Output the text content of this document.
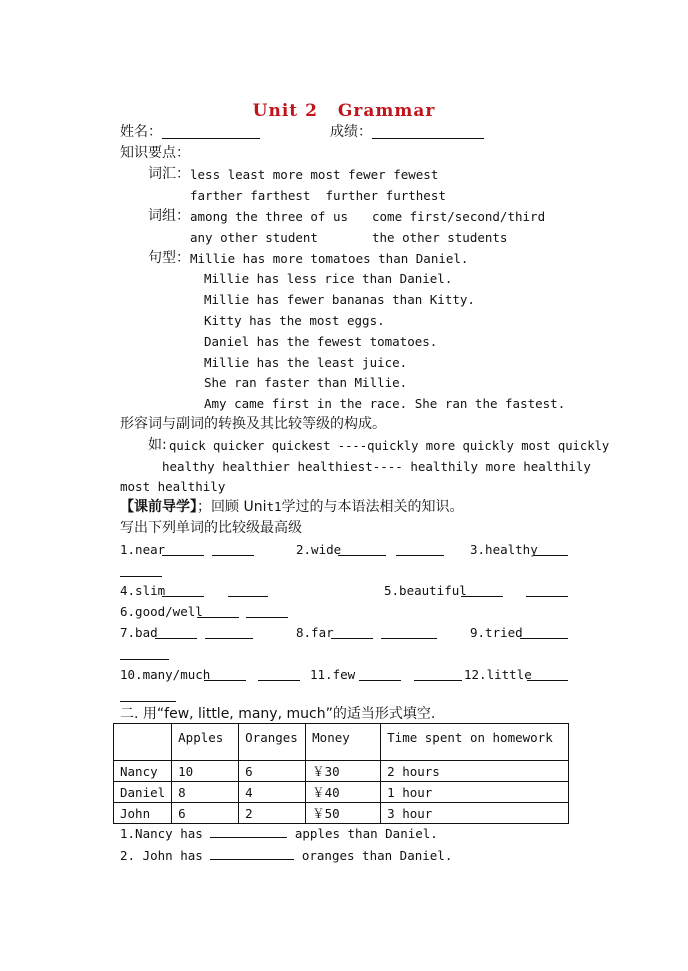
Unit 2 Grammar
姓名：	成绩：
知识要点：
词汇： less least more most fewer fewest
farther farthest  further furthest
词组： among the three of us come first/second/third
any other student	the other students
句型： Millie has more tomatoes than Daniel.
Millie has less rice than Daniel.
Millie has fewer bananas than Kitty.
Kitty has the most eggs.
Daniel has the fewest tomatoes.
Millie has the least juice.
She ran faster than Millie.
Amy came first in the race. She ran the fastest.
形容词与副词的转换及其比较等级的构成。
如: quick quicker quickest ----quickly more quickly most quickly
healthy healthier healthiest---- healthily more healthily
most healthily
【课前导学】；回顾 Unit1学过的与本语法相关的知识。
写出下列单词的比较级最高级
1.near	2.wide	3.healthy
4.slim	5.beautiful
6.good/well
7.bad	8.far	9.tried
10.many/much	11.few	12.little
二. 用“few, little, many, much”的适当形式填空.
	Apples	Oranges	Money	Time spent on homework
Nancy	10	6	￥30	2 hours
Daniel	8	4	￥40	1 hour
John	6	2	￥50	3 hour
1.Nancy has	apples than Daniel.
2. John has	oranges than Daniel.
